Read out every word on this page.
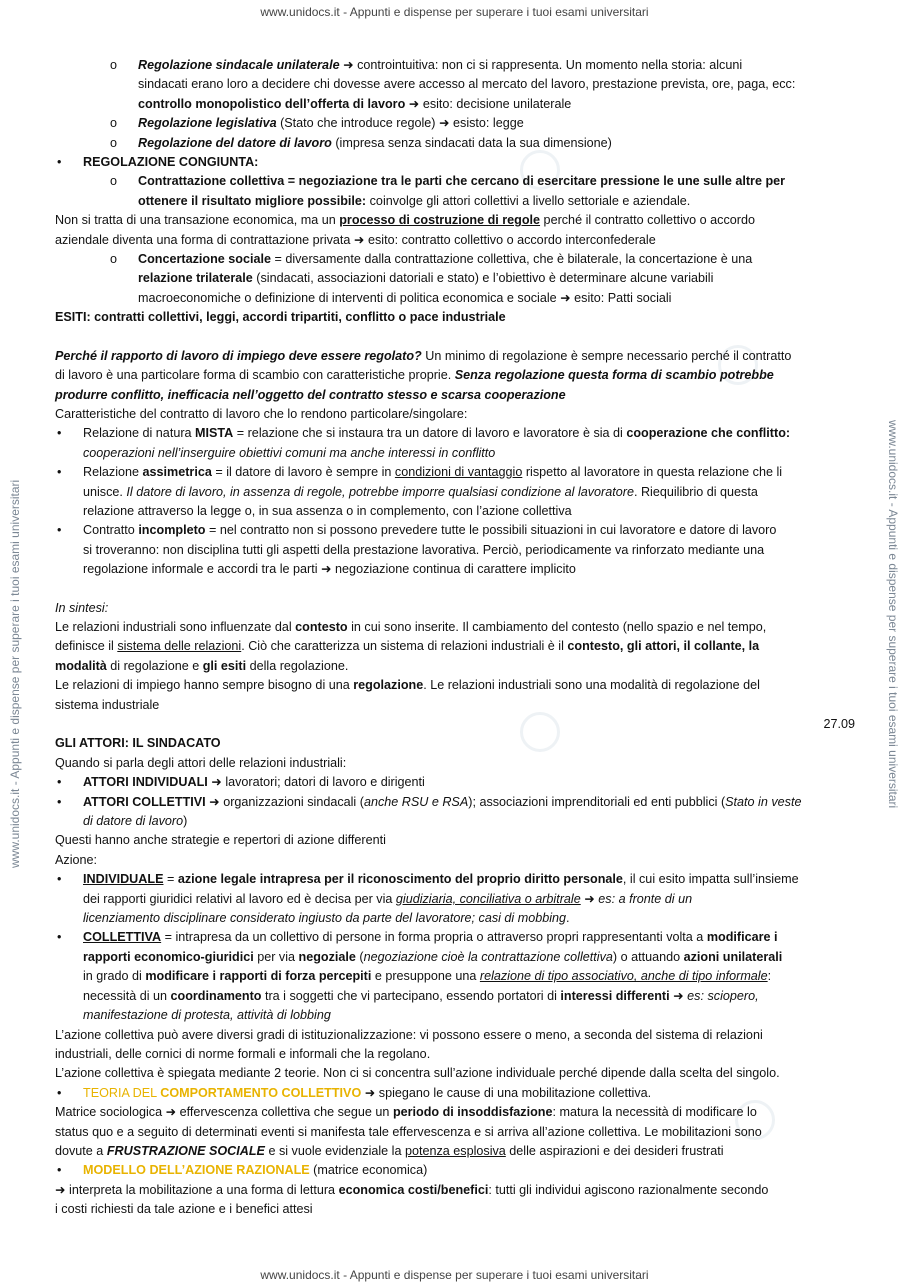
www.unidocs.it - Appunti e dispense per superare i tuoi esami universitari
www.unidocs.it - Appunti e dispense per superare i tuoi esami universitari
www.unidocs.it - Appunti e dispense per superare i tuoi esami universitari	www.unidocs.it - Appunti e dispense per superare i tuoi esami universitari
o Regolazione sindacale unilaterale ➜ controintuitiva: non ci si rappresenta. Un momento nella storia: alcuni
sindacati erano loro a decidere chi dovesse avere accesso al mercato del lavoro, prestazione prevista, ore, paga, ecc:
controllo monopolistico dell’offerta di lavoro ➜ esito: decisione unilaterale
o Regolazione legislativa (Stato che introduce regole) ➜ esisto: legge
o Regolazione del datore di lavoro (impresa senza sindacati data la sua dimensione)
• REGOLAZIONE CONGIUNTA:
o Contrattazione collettiva = negoziazione tra le parti che cercano di esercitare pressione le une sulle altre per
ottenere il risultato migliore possibile: coinvolge gli attori collettivi a livello settoriale e aziendale.
Non si tratta di una transazione economica, ma un processo di costruzione di regole perché il contratto collettivo o accordo
aziendale diventa una forma di contrattazione privata ➜ esito: contratto collettivo o accordo interconfederale
o Concertazione sociale = diversamente dalla contrattazione collettiva, che è bilaterale, la concertazione è una
relazione trilaterale (sindacati, associazioni datoriali e stato) e l’obiettivo è determinare alcune variabili
macroeconomiche o definizione di interventi di politica economica e sociale ➜ esito: Patti sociali
ESITI: contratti collettivi, leggi, accordi tripartiti, conflitto o pace industriale
Perché il rapporto di lavoro di impiego deve essere regolato? Un minimo di regolazione è sempre necessario perché il contratto
di lavoro è una particolare forma di scambio con caratteristiche proprie. Senza regolazione questa forma di scambio potrebbe
produrre conflitto, inefficacia nell’oggetto del contratto stesso e scarsa cooperazione
Caratteristiche del contratto di lavoro che lo rendono particolare/singolare:
• Relazione di natura MISTA = relazione che si instaura tra un datore di lavoro e lavoratore è sia di cooperazione che conflitto:
cooperazioni nell’inserguire obiettivi comuni ma anche interessi in conflitto
• Relazione assimetrica = il datore di lavoro è sempre in condizioni di vantaggio rispetto al lavoratore in questa relazione che li
unisce. Il datore di lavoro, in assenza di regole, potrebbe imporre qualsiasi condizione al lavoratore. Riequilibrio di questa
relazione attraverso la legge o, in sua assenza o in complemento, con l’azione collettiva
• Contratto incompleto = nel contratto non si possono prevedere tutte le possibili situazioni in cui lavoratore e datore di lavoro
si troveranno: non disciplina tutti gli aspetti della prestazione lavorativa. Perciò, periodicamente va rinforzato mediante una
regolazione informale e accordi tra le parti ➜ negoziazione continua di carattere implicito
In sintesi:
Le relazioni industriali sono influenzate dal contesto in cui sono inserite. Il cambiamento del contesto (nello spazio e nel tempo,
definisce il sistema delle relazioni. Ciò che caratterizza un sistema di relazioni industriali è il contesto, gli attori, il collante, la
modalità di regolazione e gli esiti della regolazione.
Le relazioni di impiego hanno sempre bisogno di una regolazione. Le relazioni industriali sono una modalità di regolazione del
sistema industriale
27.09
GLI ATTORI: IL SINDACATO
Quando si parla degli attori delle relazioni industriali:
• ATTORI INDIVIDUALI ➜ lavoratori; datori di lavoro e dirigenti
• ATTORI COLLETTIVI ➜ organizzazioni sindacali (anche RSU e RSA); associazioni imprenditoriali ed enti pubblici (Stato in veste
di datore di lavoro)
Questi hanno anche strategie e repertori di azione differenti
Azione:
• INDIVIDUALE = azione legale intrapresa per il riconoscimento del proprio diritto personale, il cui esito impatta sull’insieme
dei rapporti giuridici relativi al lavoro ed è decisa per via giudiziaria, conciliativa o arbitrale ➜ es: a fronte di un
licenziamento disciplinare considerato ingiusto da parte del lavoratore; casi di mobbing.
• COLLETTIVA = intrapresa da un collettivo di persone in forma propria o attraverso propri rappresentanti volta a modificare i
rapporti economico-giuridici per via negoziale (negoziazione cioè la contrattazione collettiva) o attuando azioni unilaterali
in grado di modificare i rapporti di forza percepiti e presuppone una relazione di tipo associativo, anche di tipo informale:
necessità di un coordinamento tra i soggetti che vi partecipano, essendo portatori di interessi differenti ➜ es: sciopero,
manifestazione di protesta, attività di lobbing
L’azione collettiva può avere diversi gradi di istituzionalizzazione: vi possono essere o meno, a seconda del sistema di relazioni
industriali, delle cornici di norme formali e informali che la regolano.
L’azione collettiva è spiegata mediante 2 teorie. Non ci si concentra sull’azione individuale perché dipende dalla scelta del singolo.
• TEORIA DEL COMPORTAMENTO COLLETTIVO ➜ spiegano le cause di una mobilitazione collettiva.
Matrice sociologica ➜ effervescenza collettiva che segue un periodo di insoddisfazione: matura la necessità di modificare lo
status quo e a seguito di determinati eventi si manifesta tale effervescenza e si arriva all’azione collettiva. Le mobilitazioni sono
dovute a FRUSTRAZIONE SOCIALE e si vuole evidenziale la potenza esplosiva delle aspirazioni e dei desideri frustrati
• MODELLO DELL’AZIONE RAZIONALE (matrice economica)
➜ interpreta la mobilitazione a una forma di lettura economica costi/benefici: tutti gli individui agiscono razionalmente secondo
i costi richiesti da tale azione e i benefici attesi
